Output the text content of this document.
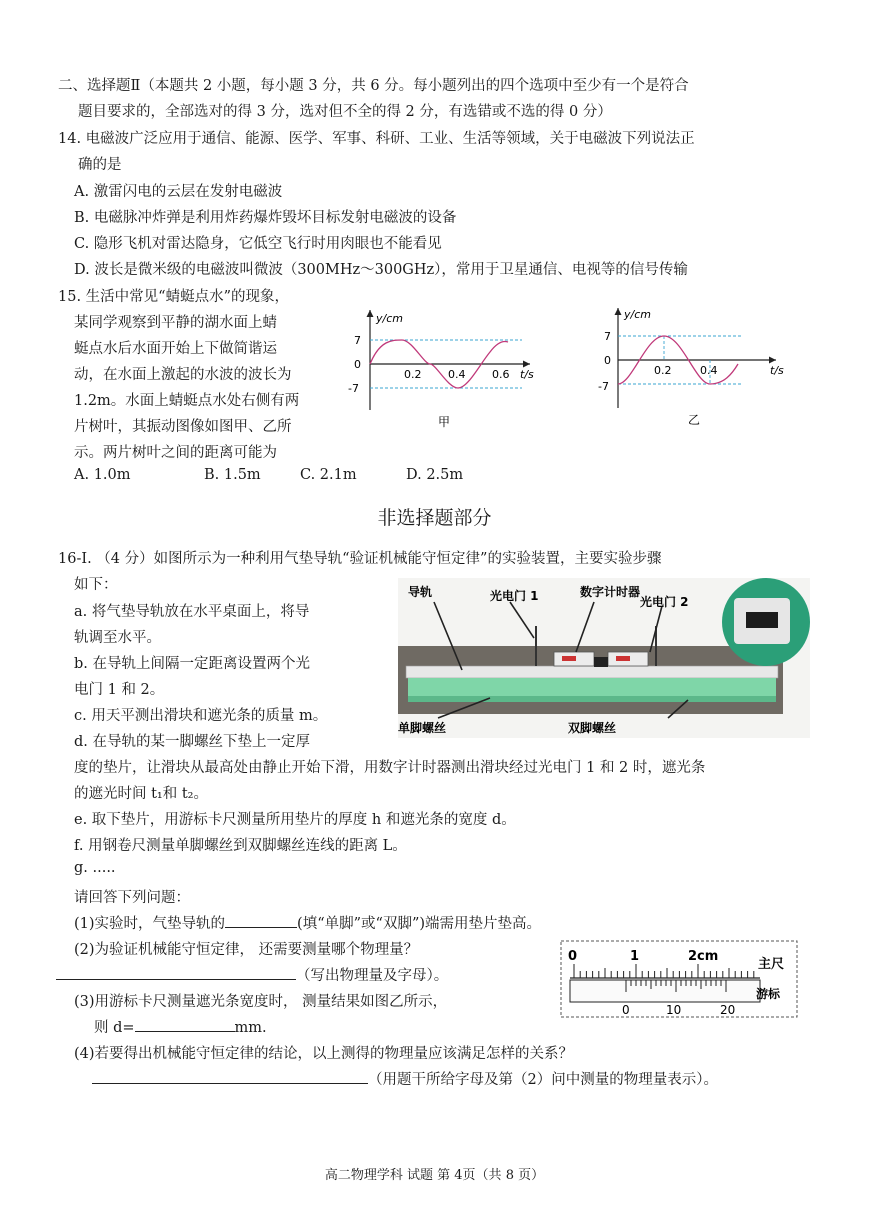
二、选择题Ⅱ（本题共 2 小题，每小题 3 分，共 6 分。每小题列出的四个选项中至少有一个是符合
题目要求的，全部选对的得 3 分，选对但不全的得 2 分，有选错或不选的得 0 分）
14. 电磁波广泛应用于通信、能源、医学、军事、科研、工业、生活等领域，关于电磁波下列说法正
确的是
A. 激雷闪电的云层在发射电磁波
B. 电磁脉冲炸弹是利用炸药爆炸毁坏目标发射电磁波的设备
C. 隐形飞机对雷达隐身，它低空飞行时用肉眼也不能看见
D. 波长是微米级的电磁波叫微波（300MHz～300GHz），常用于卫星通信、电视等的信号传输
15. 生活中常见“蜻蜓点水”的现象，
某同学观察到平静的湖水面上蜻
蜓点水后水面开始上下做简谐运
动，在水面上激起的水波的波长为
1.2m。水面上蜻蜓点水处右侧有两
片树叶，其振动图像如图甲、乙所
示。两片树叶之间的距离可能为
A. 1.0m	B. 1.5m	C. 2.1m	D. 2.5m
y/cm
7
0
-7
0.2 0.4 0.6 t/s
甲
y/cm
7
0
-7
0.2	0.4	t/s
乙
非选择题部分
16-Ⅰ. （4 分）如图所示为一种利用气垫导轨“验证机械能守恒定律”的实验装置，主要实验步骤
如下：
a. 将气垫导轨放在水平桌面上，将导
轨调至水平。
b. 在导轨上间隔一定距离设置两个光
电门 1 和 2。
c. 用天平测出滑块和遮光条的质量 m。
d. 在导轨的某一脚螺丝下垫上一定厚
度的垫片，让滑块从最高处由静止开始下滑，用数字计时器测出滑块经过光电门 1 和 2 时，遮光条
的遮光时间 t₁和 t₂。
e. 取下垫片，用游标卡尺测量所用垫片的厚度 h 和遮光条的宽度 d。
f. 用钢卷尺测量单脚螺丝到双脚螺丝连线的距离 L。
g. .....
请回答下列问题：
(1)实验时，气垫导轨的	(填“单脚”或“双脚”)端需用垫片垫高。
(2)为验证机械能守恒定律， 还需要测量哪个物理量？
（写出物理量及字母）。
(3)用游标卡尺测量遮光条宽度时， 测量结果如图乙所示，
则 d=	mm.
(4)若要得出机械能守恒定律的结论，以上测得的物理量应该满足怎样的关系？
（用题干所给字母及第（2）问中测量的物理量表示）。
导轨	光电门 1	数字计时器
光电门 2
单脚螺丝	双脚螺丝
0	1	2cm
主尺
0	10	20
游标
高二物理学科 试题 第 4页（共 8 页）
